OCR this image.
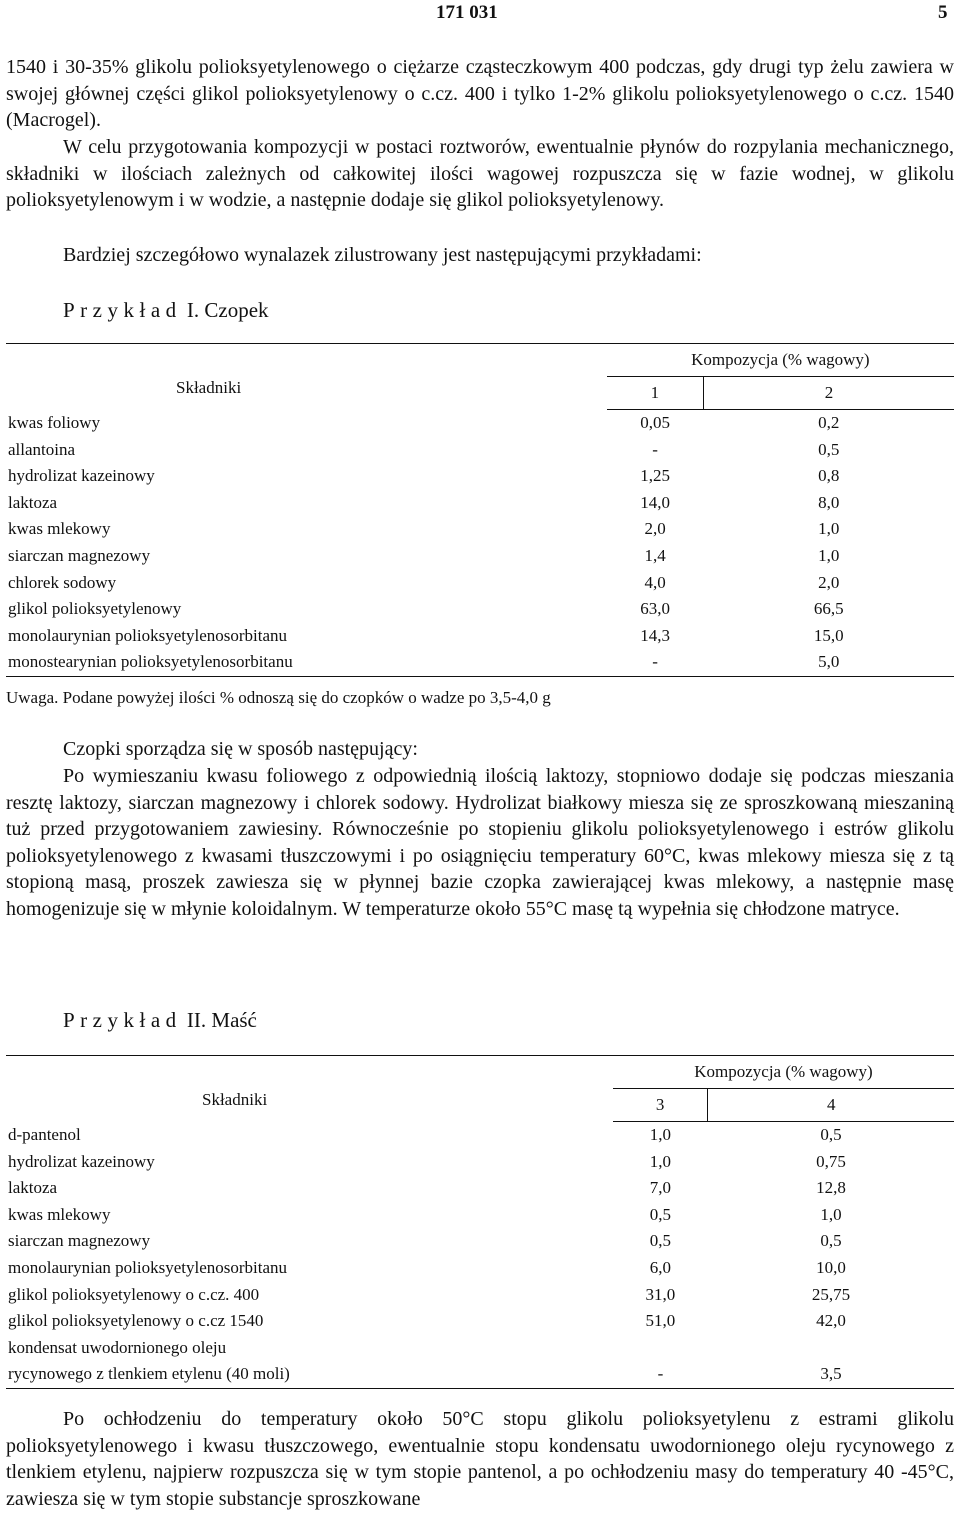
171 031	5

1540 i 30-35% glikolu polioksyetylenowego o ciężarze cząsteczkowym 400 podczas, gdy drugi typ żelu zawiera w swojej głównej części glikol polioksyetylenowy o c.cz. 400 i tylko 1-2% glikolu polioksyetylenowego o c.cz. 1540 (Macrogel).

W celu przygotowania kompozycji w postaci roztworów, ewentualnie płynów do rozpylania mechanicznego, składniki w ilościach zależnych od całkowitej ilości wagowej rozpuszcza się w fazie wodnej, w glikolu polioksyetylenowym i w wodzie, a następnie dodaje się glikol polioksyetylenowy.

Bardziej szczegółowo wynalazek zilustrowany jest następującymi przykładami:

Przykład I. Czopek
Składniki	Kompozycja (% wagowy)	
	1	2
kwas foliowy	0,05	0,2
allantoina	-	0,5
hydrolizat kazeinowy	1,25	0,8
laktoza	14,0	8,0
kwas mlekowy	2,0	1,0
siarczan magnezowy	1,4	1,0
chlorek sodowy	4,0	2,0
glikol polioksyetylenowy	63,0	66,5
monolaurynian polioksyetylenosorbitanu	14,3	15,0
monostearynian polioksyetylenosorbitanu	-	5,0
Uwaga. Podane powyżej ilości % odnoszą się do czopków o wadze po 3,5-4,0 g

Czopki sporządza się w sposób następujący:

Po wymieszaniu kwasu foliowego z odpowiednią ilością laktozy, stopniowo dodaje się podczas mieszania resztę laktozy, siarczan magnezowy i chlorek sodowy. Hydrolizat białkowy miesza się ze sproszkowaną mieszaniną tuż przed przygotowaniem zawiesiny. Równocześnie po stopieniu glikolu polioksyetylenowego i estrów glikolu polioksyetylenowego z kwasami tłuszczowymi i po osiągnięciu temperatury 60°C, kwas mlekowy miesza się z tą stopioną masą, proszek zawiesza się w płynnej bazie czopka zawierającej kwas mlekowy, a następnie masę homogenizuje się w młynie koloidalnym. W temperaturze około 55°C masę tą wypełnia się chłodzone matryce.

Przykład II. Maść
Składniki	Kompozycja (% wagowy)	
	3	4
d-pantenol	1,0	0,5
hydrolizat kazeinowy	1,0	0,75
laktoza	7,0	12,8
kwas mlekowy	0,5	1,0
siarczan magnezowy	0,5	0,5
monolaurynian polioksyetylenosorbitanu	6,0	10,0
glikol polioksyetylenowy o c.cz. 400	31,0	25,75
glikol polioksyetylenowy o c.cz 1540	51,0	42,0
kondensat uwodornionego oleju		
rycynowego z tlenkiem etylenu (40 moli)	-	3,5

Po ochłodzeniu do temperatury około 50°C stopu glikolu polioksyetylenu z estrami glikolu polioksyetylenowego i kwasu tłuszczowego, ewentualnie stopu kondensatu uwodornionego oleju rycynowego z tlenkiem etylenu, najpierw rozpuszcza się w tym stopie pantenol, a po ochłodzeniu masy do temperatury 40 -45°C, zawiesza się w tym stopie substancje sproszkowane
